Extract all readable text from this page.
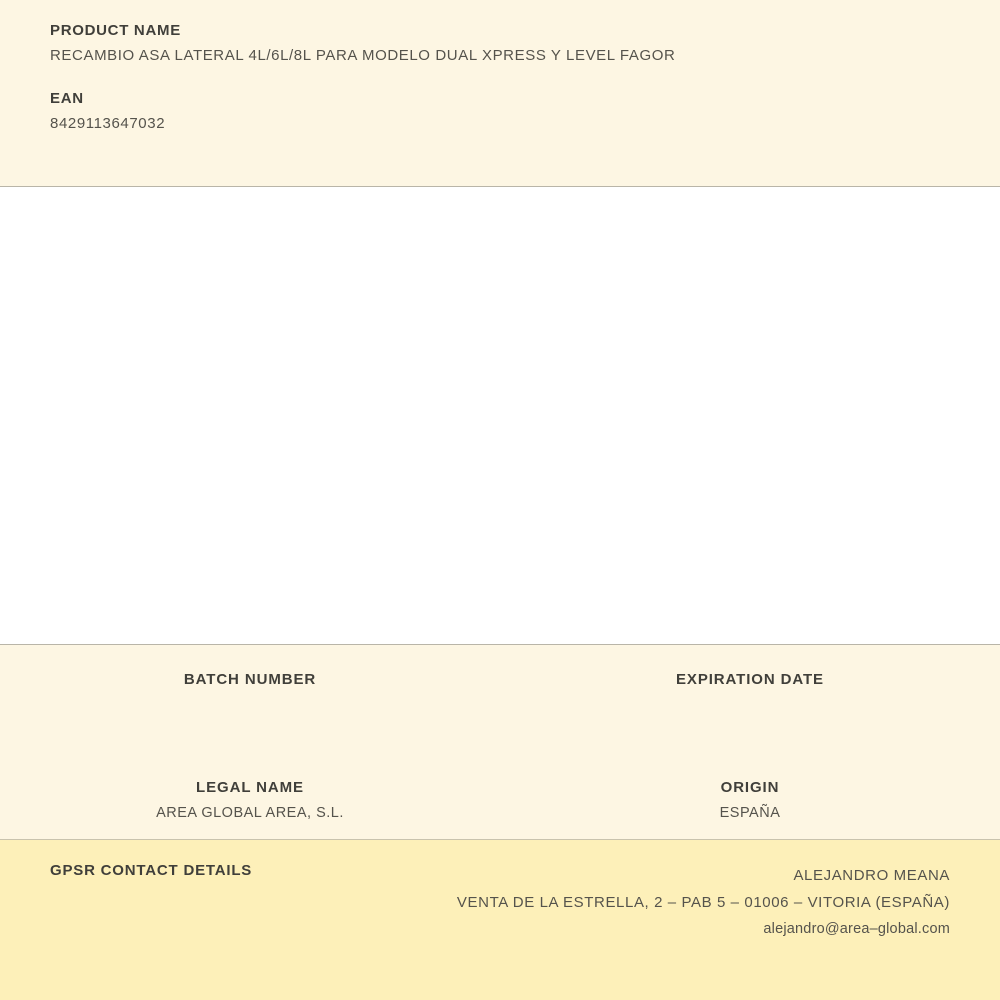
PRODUCT NAME

RECAMBIO ASA LATERAL 4L/6L/8L PARA MODELO DUAL XPRESS Y LEVEL FAGOR

EAN

8429113647032

BATCH NUMBER	EXPIRATION DATE
LEGAL NAME
AREA GLOBAL AREA, S.L.
ORIGIN
ESPAÑA
GPSR CONTACT DETAILS	ALEJANDRO MEANA
VENTA DE LA ESTRELLA, 2 – PAB 5 – 01006 – VITORIA (ESPAÑA)
alejandro@area–global.com
